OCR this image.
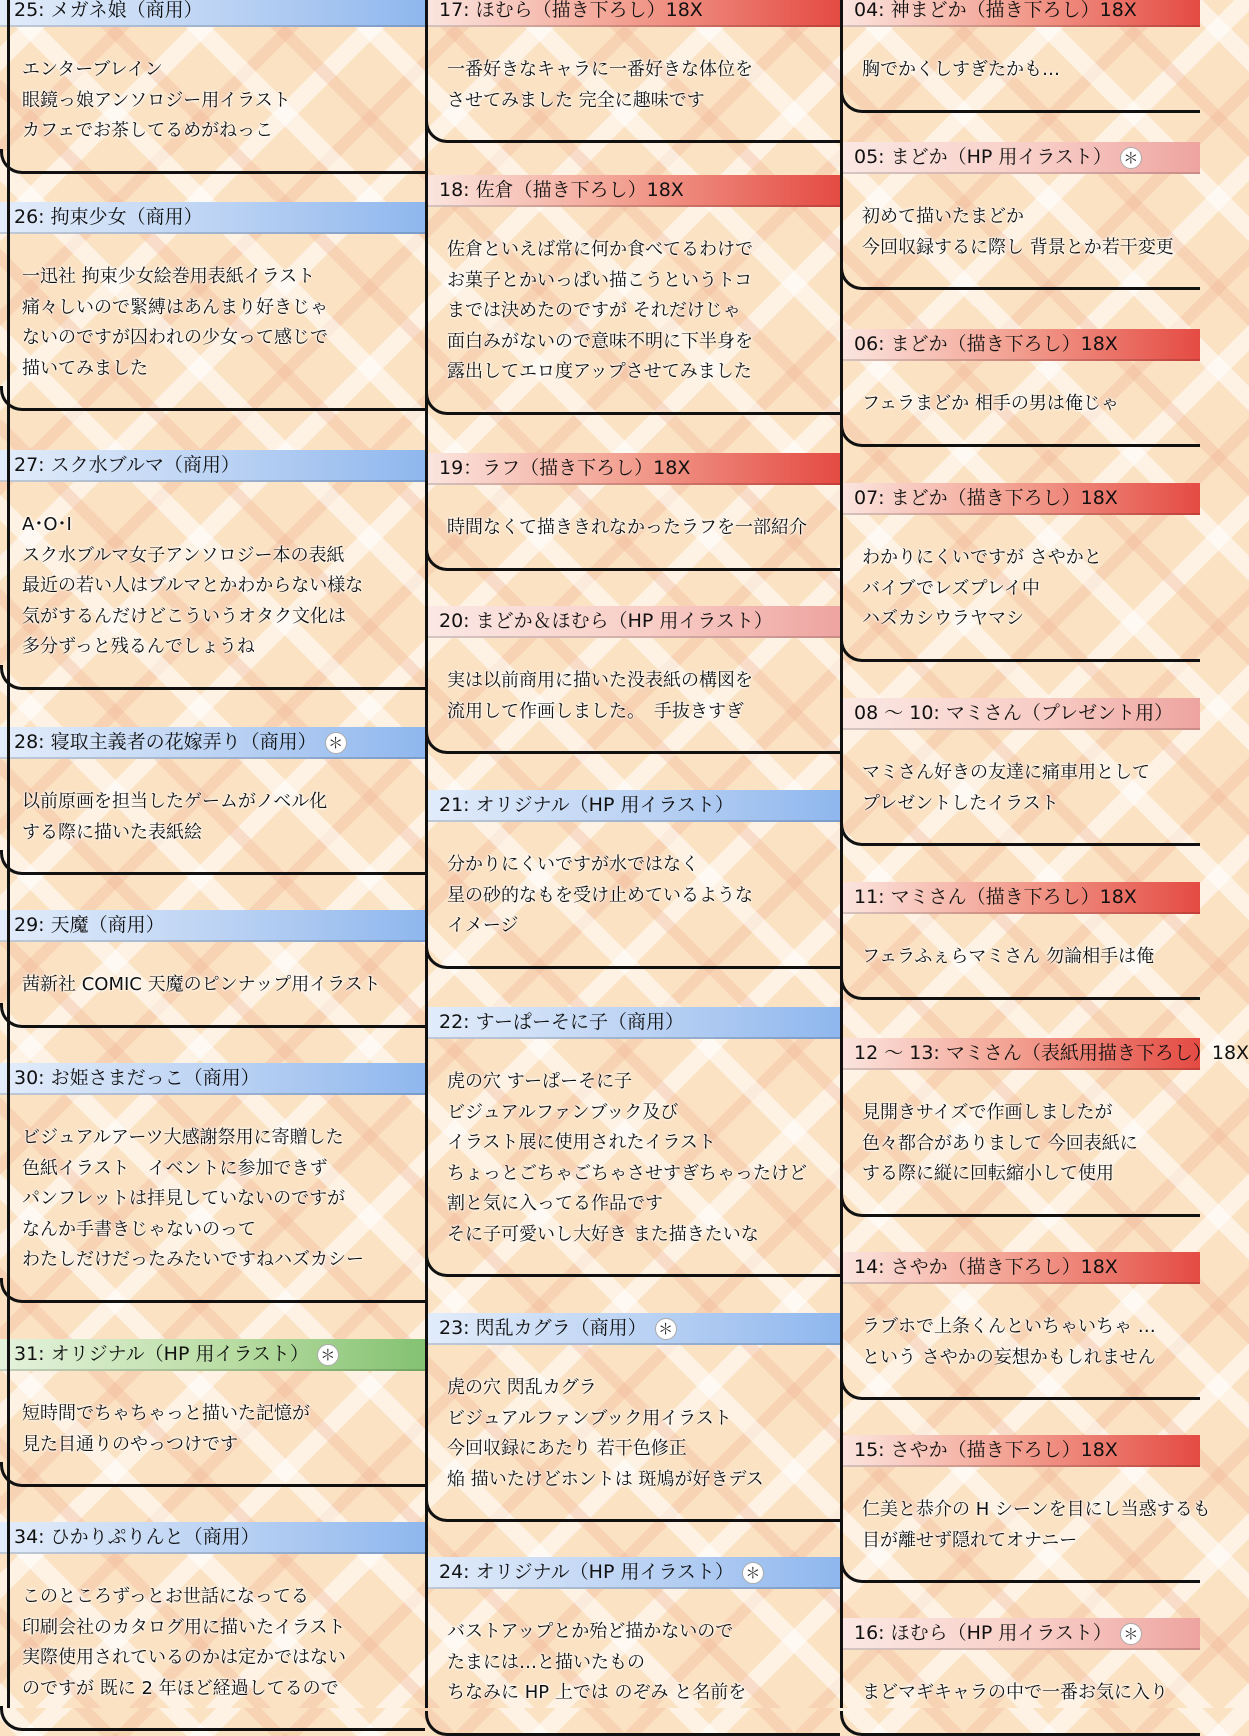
25: メガネ娘（商用）
エンターブレイン
眼鏡っ娘アンソロジー用イラスト
カフェでお茶してるめがねっこ
26: 拘束少女（商用）
一迅社 拘束少女絵巻用表紙イラスト
痛々しいので緊縛はあんまり好きじゃ
ないのですが囚われの少女って感じで
描いてみました
27: スク水ブルマ（商用）
A･O･I
スク水ブルマ女子アンソロジー本の表紙
最近の若い人はブルマとかわからない様な
気がするんだけどこういうオタク文化は
多分ずっと残るんでしょうね
28: 寝取主義者の花嫁弄り（商用） ＊
以前原画を担当したゲームがノベル化
する際に描いた表紙絵
29: 天魔（商用）
茜新社 COMIC 天魔のピンナップ用イラスト
30: お姫さまだっこ（商用）
ビジュアルアーツ大感謝祭用に寄贈した
色紙イラスト　イベントに参加できず
パンフレットは拝見していないのですが
なんか手書きじゃないのって
わたしだけだったみたいですねハズカシー
31: オリジナル（HP 用イラスト） ＊
短時間でちゃちゃっと描いた記憶が
見た目通りのやっつけです
34: ひかりぷりんと（商用）
このところずっとお世話になってる
印刷会社のカタログ用に描いたイラスト
実際使用されているのかは定かではない
のですが 既に 2 年ほど経過してるので
17: ほむら（描き下ろし）18X
一番好きなキャラに一番好きな体位を
させてみました 完全に趣味です
18: 佐倉（描き下ろし）18X
佐倉といえば常に何か食べてるわけで
お菓子とかいっぱい描こうというトコ
までは決めたのですが それだけじゃ
面白みがないので意味不明に下半身を
露出してエロ度アップさせてみました
19：ラフ（描き下ろし）18X
時間なくて描ききれなかったラフを一部紹介
20: まどか＆ほむら（HP 用イラスト）
実は以前商用に描いた没表紙の構図を
流用して作画しました。　手抜きすぎ
21: オリジナル（HP 用イラスト）
分かりにくいですが水ではなく
星の砂的なもを受け止めているような
イメージ
22: すーぱーそに子（商用）
虎の穴 すーぱーそに子
ビジュアルファンブック及び
イラスト展に使用されたイラスト
ちょっとごちゃごちゃさせすぎちゃったけど
割と気に入ってる作品です
そに子可愛いし大好き また描きたいな
23: 閃乱カグラ（商用） ＊
虎の穴 閃乱カグラ
ビジュアルファンブック用イラスト
今回収録にあたり 若干色修正
焔 描いたけどホントは 斑鳩が好きデス
24: オリジナル（HP 用イラスト） ＊
バストアップとか殆ど描かないので
たまには…と描いたもの
ちなみに HP 上では のぞみ と名前を
04: 神まどか（描き下ろし）18X
胸でかくしすぎたかも…
05: まどか（HP 用イラスト） ＊
初めて描いたまどか
今回収録するに際し 背景とか若干変更
06: まどか（描き下ろし）18X
フェラまどか 相手の男は俺じゃ
07: まどか（描き下ろし）18X
わかりにくいですが さやかと
バイブでレズプレイ中
ハズカシウラヤマシ
08 ～ 10: マミさん（プレゼント用）
マミさん好きの友達に痛車用として
プレゼントしたイラスト
11: マミさん（描き下ろし）18X
フェラふぇらマミさん 勿論相手は俺
12 ～ 13: マミさん（表紙用描き下ろし）18X
見開きサイズで作画しましたが
色々都合がありまして 今回表紙に
する際に縦に回転縮小して使用
14: さやか（描き下ろし）18X
ラブホで上条くんといちゃいちゃ …
という さやかの妄想かもしれません
15: さやか（描き下ろし）18X
仁美と恭介の H シーンを目にし当惑するも
目が離せず隠れてオナニー
16: ほむら（HP 用イラスト） ＊
まどマギキャラの中で一番お気に入り
